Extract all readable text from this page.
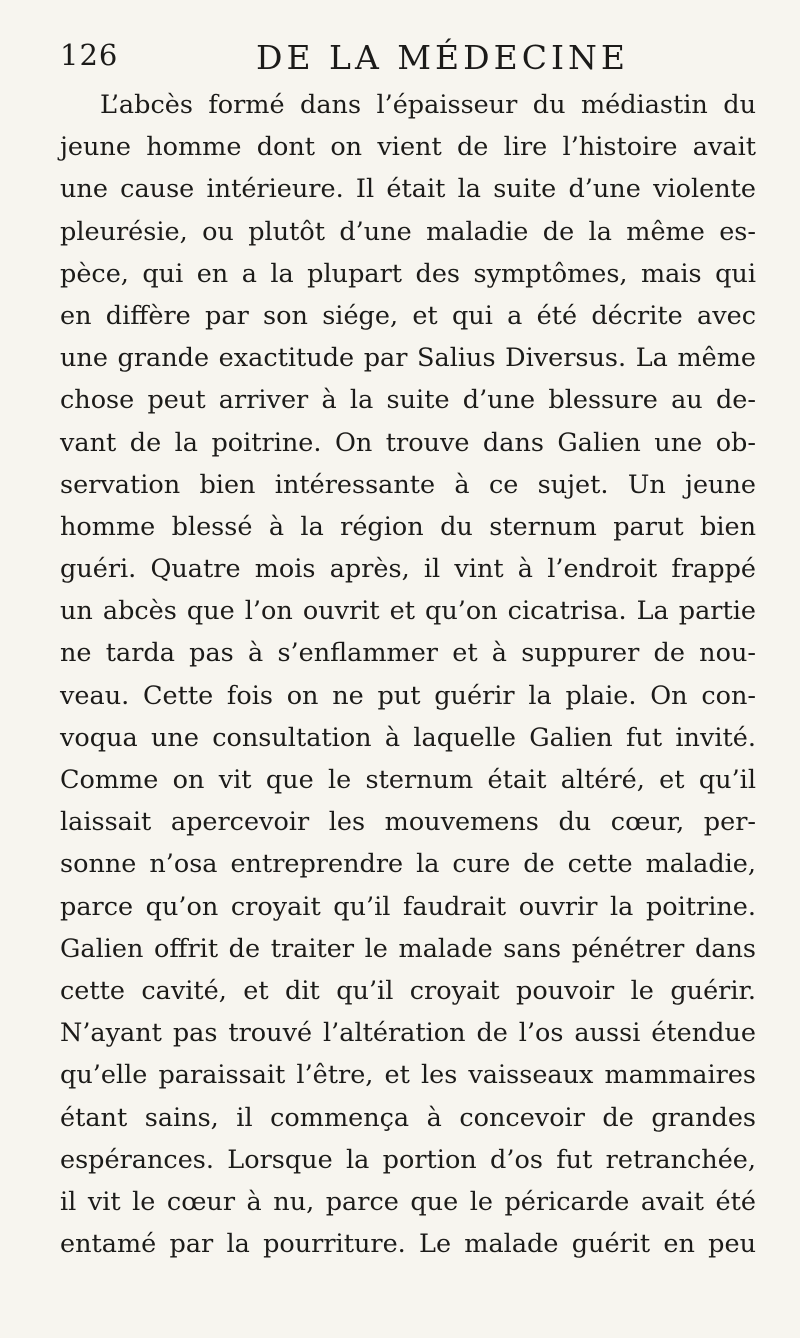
126	DE LA MÉDECINE
L’abcès formé dans l’épaisseur du médiastin du
jeune homme dont on vient de lire l’histoire avait
une cause intérieure. Il était la suite d’une violente
pleurésie, ou plutôt d’une maladie de la même es-
pèce, qui en a la plupart des symptômes, mais qui
en diffère par son siége, et qui a été décrite avec
une grande exactitude par Salius Diversus. La même
chose peut arriver à la suite d’une blessure au de-
vant de la poitrine. On trouve dans Galien une ob-
servation bien intéressante à ce sujet. Un jeune
homme blessé à la région du sternum parut bien
guéri. Quatre mois après, il vint à l’endroit frappé
un abcès que l’on ouvrit et qu’on cicatrisa. La partie
ne tarda pas à s’enflammer et à suppurer de nou-
veau. Cette fois on ne put guérir la plaie. On con-
voqua une consultation à laquelle Galien fut invité.
Comme on vit que le sternum était altéré, et qu’il
laissait apercevoir les mouvemens du cœur, per-
sonne n’osa entreprendre la cure de cette maladie,
parce qu’on croyait qu’il faudrait ouvrir la poitrine.
Galien offrit de traiter le malade sans pénétrer dans
cette cavité, et dit qu’il croyait pouvoir le guérir.
N’ayant pas trouvé l’altération de l’os aussi étendue
qu’elle paraissait l’être, et les vaisseaux mammaires
étant sains, il commença à concevoir de grandes
espérances. Lorsque la portion d’os fut retranchée,
il vit le cœur à nu, parce que le péricarde avait été
entamé par la pourriture. Le malade guérit en peu
